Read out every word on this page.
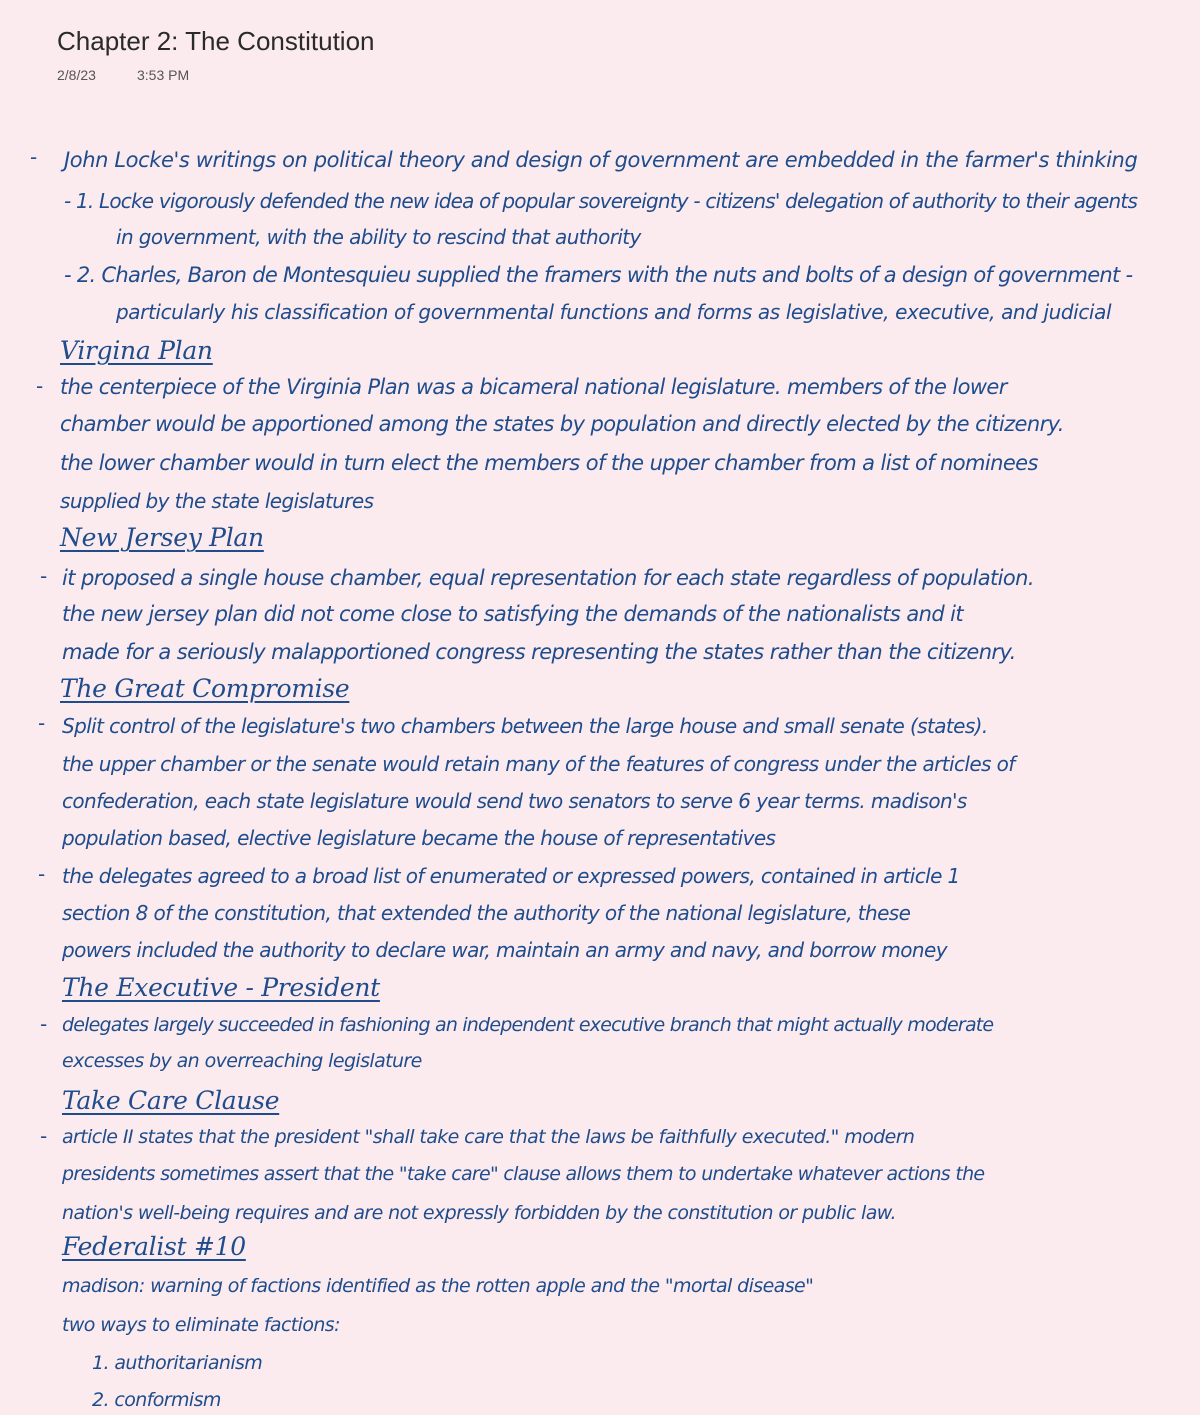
Chapter 2: The Constitution
2/8/23	3:53 PM
- John Locke's writings on political theory and design of government are embedded in the farmer's thinking
- 1. Locke vigorously defended the new idea of popular sovereignty - citizens' delegation of authority to their agents
in government, with the ability to rescind that authority
- 2. Charles, Baron de Montesquieu supplied the framers with the nuts and bolts of a design of government -
particularly his classification of governmental functions and forms as legislative, executive, and judicial
Virgina Plan
- the centerpiece of the Virginia Plan was a bicameral national legislature. members of the lower
chamber would be apportioned among the states by population and directly elected by the citizenry.
the lower chamber would in turn elect the members of the upper chamber from a list of nominees
supplied by the state legislatures
New Jersey Plan
- it proposed a single house chamber, equal representation for each state regardless of population.
the new jersey plan did not come close to satisfying the demands of the nationalists and it
made for a seriously malapportioned congress representing the states rather than the citizenry.
The Great Compromise
- Split control of the legislature's two chambers between the large house and small senate (states).
the upper chamber or the senate would retain many of the features of congress under the articles of
confederation, each state legislature would send two senators to serve 6 year terms. madison's
population based, elective legislature became the house of representatives
- the delegates agreed to a broad list of enumerated or expressed powers, contained in article 1
section 8 of the constitution, that extended the authority of the national legislature, these
powers included the authority to declare war, maintain an army and navy, and borrow money
The Executive - President
- delegates largely succeeded in fashioning an independent executive branch that might actually moderate
excesses by an overreaching legislature
Take Care Clause
- article II states that the president "shall take care that the laws be faithfully executed." modern
presidents sometimes assert that the "take care" clause allows them to undertake whatever actions the
nation's well-being requires and are not expressly forbidden by the constitution or public law.
Federalist #10
madison: warning of factions identified as the rotten apple and the "mortal disease"
two ways to eliminate factions:
1. authoritarianism
2. conformism
